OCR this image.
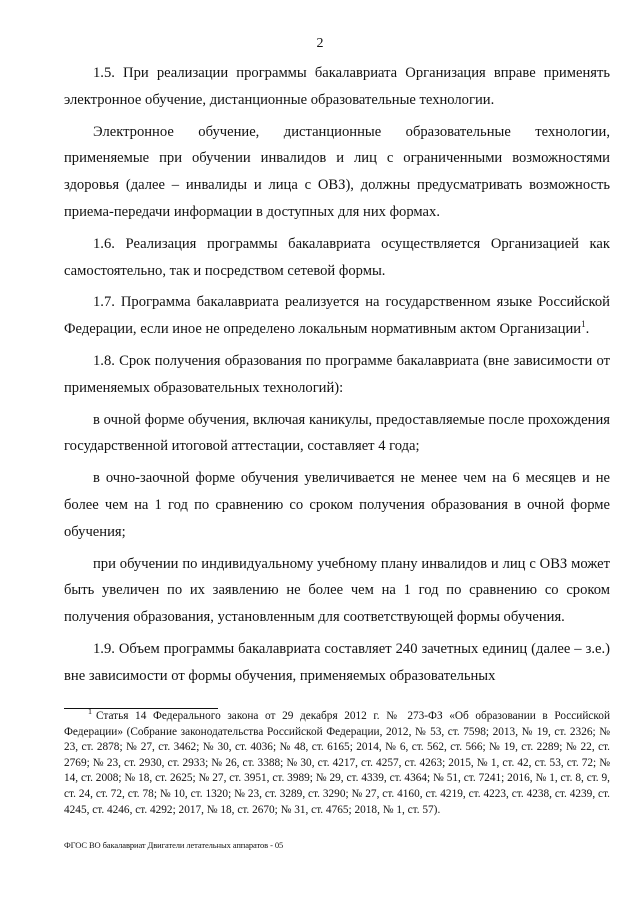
2

1.5. При реализации программы бакалавриата Организация вправе применять электронное обучение, дистанционные образовательные технологии.

Электронное обучение, дистанционные образовательные технологии, применяемые при обучении инвалидов и лиц с ограниченными возможностями здоровья (далее – инвалиды и лица с ОВЗ), должны предусматривать возможность приема-передачи информации в доступных для них формах.

1.6. Реализация программы бакалавриата осуществляется Организацией как самостоятельно, так и посредством сетевой формы.

1.7. Программа бакалавриата реализуется на государственном языке Российской Федерации, если иное не определено локальным нормативным актом Организации$^1$.

1.8. Срок получения образования по программе бакалавриата (вне зависимости от применяемых образовательных технологий):

в очной форме обучения, включая каникулы, предоставляемые после прохождения государственной итоговой аттестации, составляет 4 года;

в очно-заочной форме обучения увеличивается не менее чем на 6 месяцев и не более чем на 1 год по сравнению со сроком получения образования в очной форме обучения;

при обучении по индивидуальному учебному плану инвалидов и лиц с ОВЗ может быть увеличен по их заявлению не более чем на 1 год по сравнению со сроком получения образования, установленным для соответствующей формы обучения.

1.9. Объем программы бакалавриата составляет 240 зачетных единиц (далее – з.е.) вне зависимости от формы обучения, применяемых образовательных

$^1$ Статья 14 Федерального закона от 29 декабря 2012 г. № 273-ФЗ «Об образовании в Российской Федерации» (Собрание законодательства Российской Федерации, 2012, № 53, ст. 7598; 2013, № 19, ст. 2326; № 23, ст. 2878; № 27, ст. 3462; № 30, ст. 4036; № 48, ст. 6165; 2014, № 6, ст. 562, ст. 566; № 19, ст. 2289; № 22, ст. 2769; № 23, ст. 2930, ст. 2933; № 26, ст. 3388; № 30, ст. 4217, ст. 4257, ст. 4263; 2015, № 1, ст. 42, ст. 53, ст. 72; № 14, ст. 2008; № 18, ст. 2625; № 27, ст. 3951, ст. 3989; № 29, ст. 4339, ст. 4364; № 51, ст. 7241; 2016, № 1, ст. 8, ст. 9, ст. 24, ст. 72, ст. 78; № 10, ст. 1320; № 23, ст. 3289, ст. 3290; № 27, ст. 4160, ст. 4219, ст. 4223, ст. 4238, ст. 4239, ст. 4245, ст. 4246, ст. 4292; 2017, № 18, ст. 2670; № 31, ст. 4765; 2018, № 1, ст. 57).

ФГОС ВО бакалавриат Двигатели летательных аппаратов - 05
